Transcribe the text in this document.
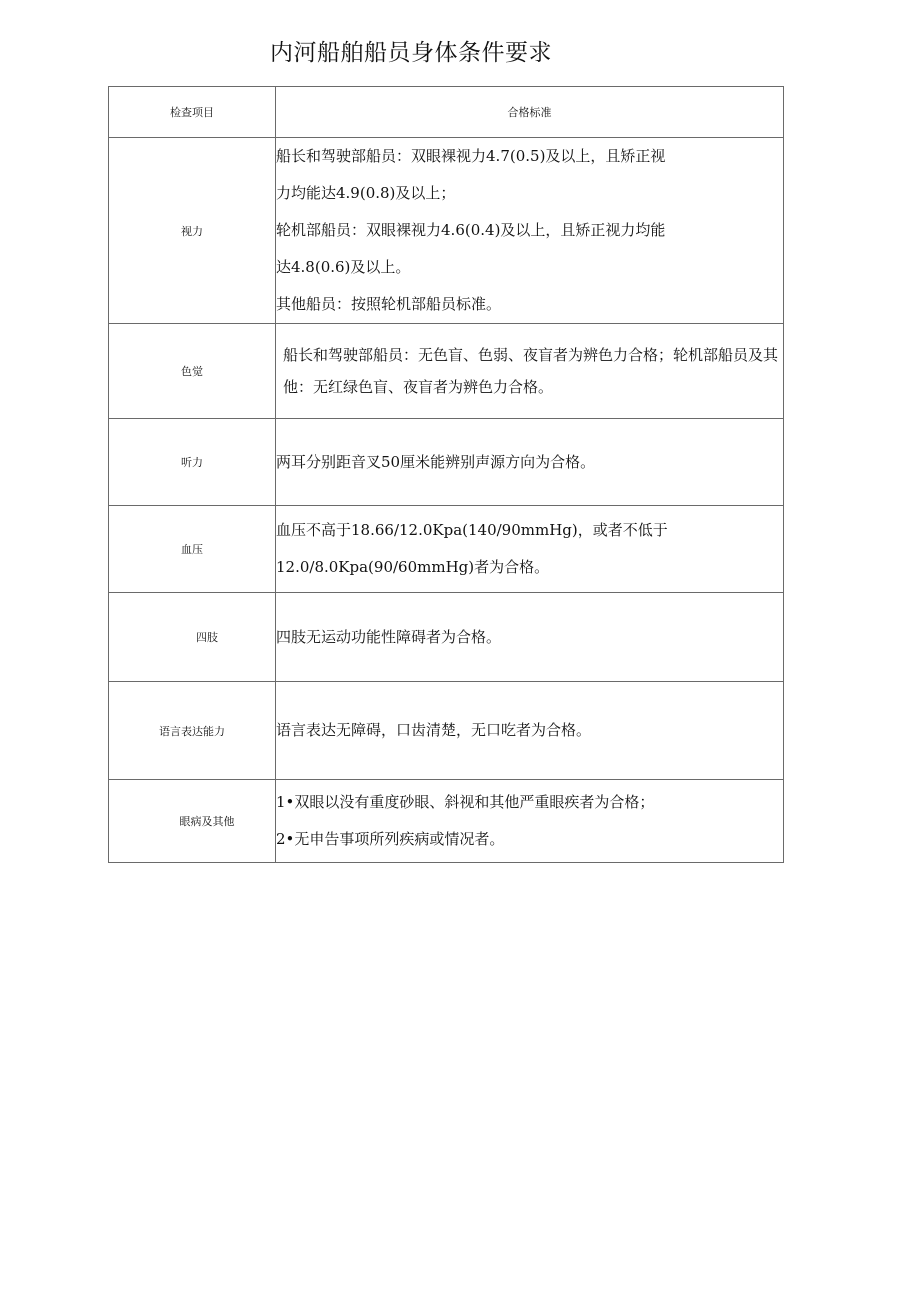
内河船舶船员身体条件要求
检查项目	合格标准
视力	船长和驾驶部船员：双眼裸视力4.7(0.5)及以上，且矫正视
力均能达4.9(0.8)及以上；
轮机部船员：双眼裸视力4.6(0.4)及以上，且矫正视力均能
达4.8(0.6)及以上。
其他船员：按照轮机部船员标准。

色觉	船长和驾驶部船员：无色盲、色弱、夜盲者为辨色力合格；轮机部船员及其他：无红绿色盲、夜盲者为辨色力合格。

听力	两耳分别距音叉50厘米能辨别声源方向为合格。

血压	血压不高于18.66/12.0Kpa(140/90mmHg)，或者不低于
12.0/8.0Kpa(90/60mmHg)者为合格。

四肢	四肢无运动功能性障碍者为合格。

语言表达能力	语言表达无障碍，口齿清楚，无口吃者为合格。

眼病及其他	1•双眼以没有重度砂眼、斜视和其他严重眼疾者为合格；
2•无申告事项所列疾病或情况者。
